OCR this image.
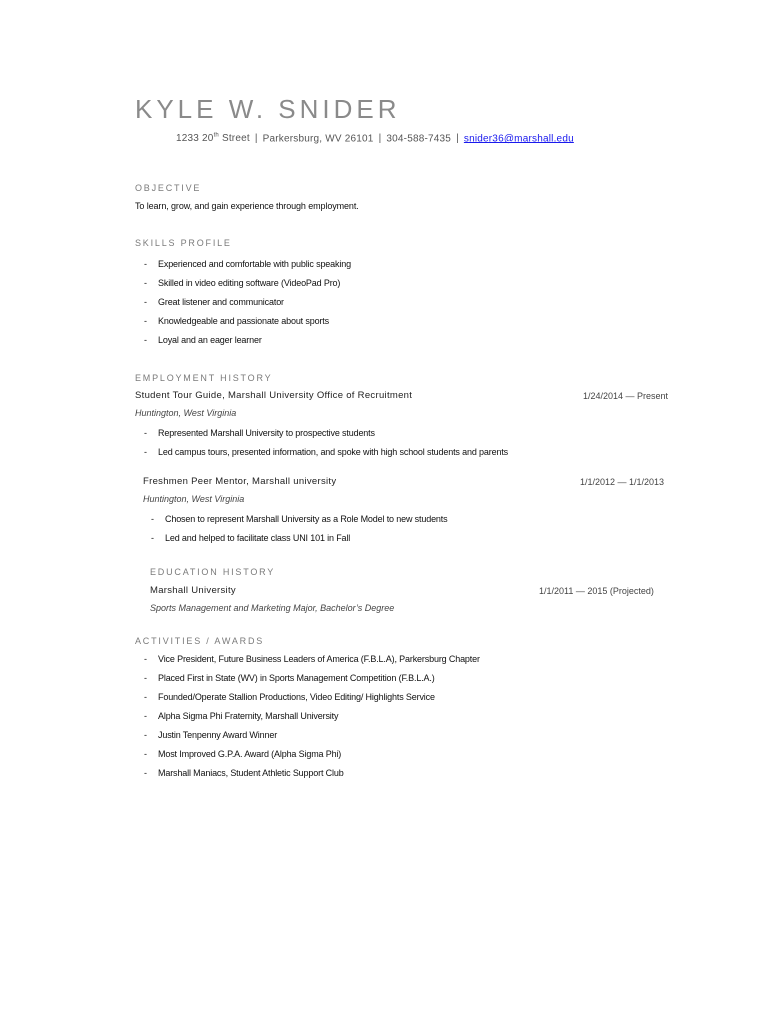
KYLE W. SNIDER
1233 20th Street | Parkersburg, WV 26101 | 304-588-7435 | snider36@marshall.edu
OBJECTIVE
To learn, grow, and gain experience through employment.
SKILLS PROFILE
- Experienced and comfortable with public speaking
- Skilled in video editing software (VideoPad Pro)
- Great listener and communicator
- Knowledgeable and passionate about sports
- Loyal and an eager learner
EMPLOYMENT HISTORY
Student Tour Guide, Marshall University Office of Recruitment	1/24/2014 — Present
Huntington, West Virginia
- Represented Marshall University to prospective students
- Led campus tours, presented information, and spoke with high school students and parents
Freshmen Peer Mentor, Marshall university	1/1/2012 — 1/1/2013
Huntington, West Virginia
- Chosen to represent Marshall University as a Role Model to new students
- Led and helped to facilitate class UNI 101 in Fall
EDUCATION HISTORY
Marshall University	1/1/2011 — 2015 (Projected)
Sports Management and Marketing Major, Bachelor’s Degree
ACTIVITIES / AWARDS
- Vice President, Future Business Leaders of America (F.B.L.A), Parkersburg Chapter
- Placed First in State (WV) in Sports Management Competition (F.B.L.A.)
- Founded/Operate Stallion Productions, Video Editing/ Highlights Service
- Alpha Sigma Phi Fraternity, Marshall University
- Justin Tenpenny Award Winner
- Most Improved G.P.A. Award (Alpha Sigma Phi)
- Marshall Maniacs, Student Athletic Support Club
